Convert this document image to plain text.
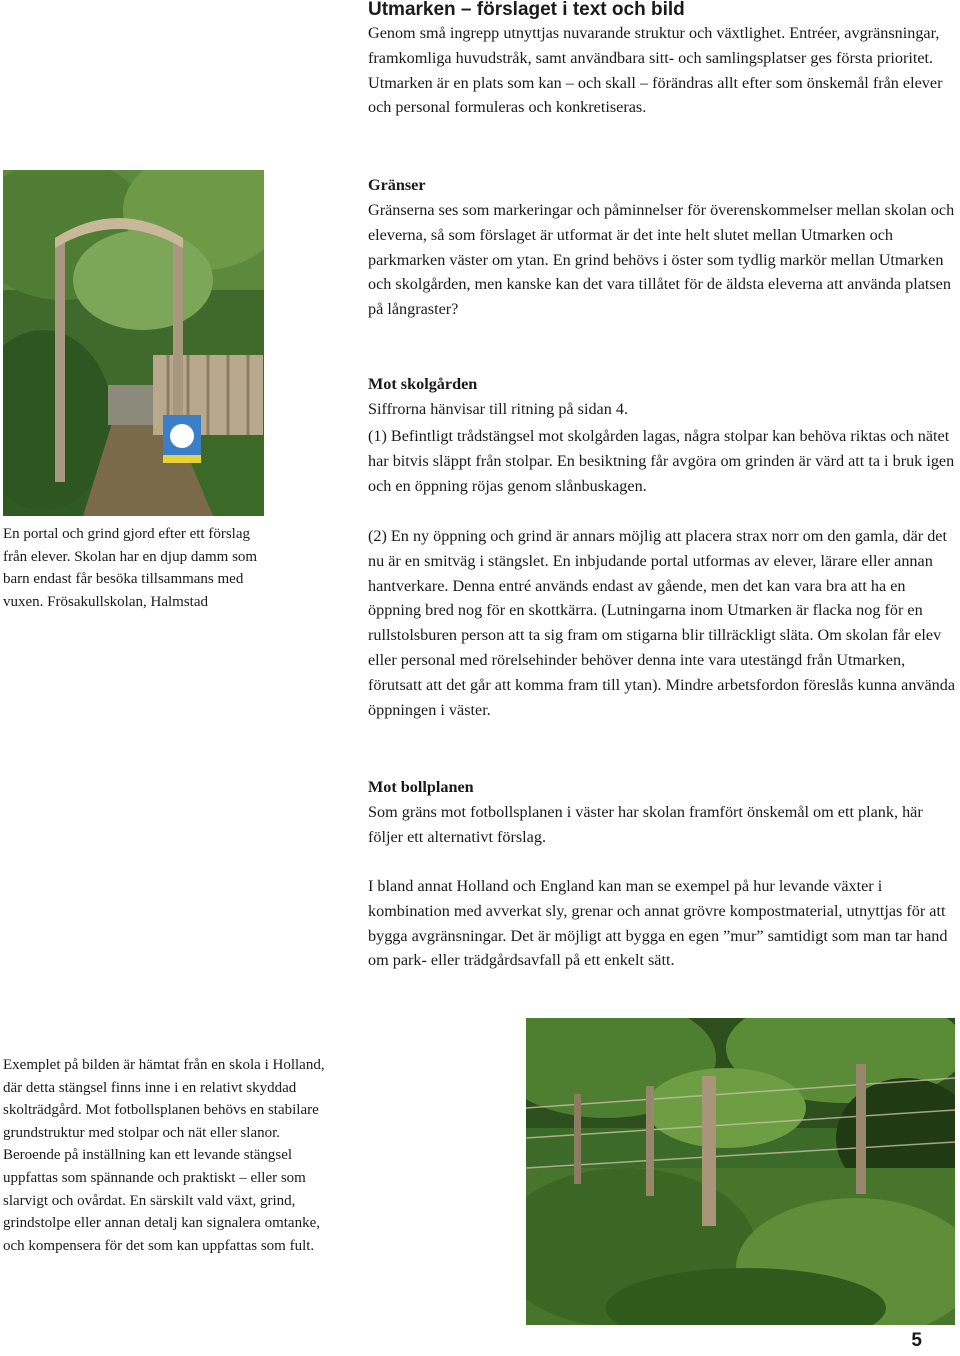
Utmarken – förslaget i text och bild

Genom små ingrepp utnyttjas nuvarande struktur och växtlighet. Entréer, avgränsningar, framkomliga huvudstråk, samt användbara sitt- och samlingsplatser ges första prioritet. Utmarken är en plats som kan – och skall – förändras allt efter som önskemål från elever och personal formuleras och konkretiseras.

En portal och grind gjord efter ett förslag från elever. Skolan har en djup damm som barn endast får besöka tillsammans med vuxen. Frösakullskolan, Halmstad

Gränser

Gränserna ses som markeringar och påminnelser för överenskommelser mellan skolan och eleverna, så som förslaget är utformat är det inte helt slutet mellan Utmarken och parkmarken väster om ytan. En grind behövs i öster som tydlig markör mellan Utmarken och skolgården, men kanske kan det vara tillåtet för de äldsta eleverna att använda platsen på långraster?

Mot skolgården

Siffrorna hänvisar till ritning på sidan 4.

(1) Befintligt trådstängsel mot skolgården lagas, några stolpar kan behöva riktas och nätet har bitvis släppt från stolpar. En besiktning får avgöra om grinden är värd att ta i bruk igen och en öppning röjas genom slånbuskagen.

(2) En ny öppning och grind är annars möjlig att placera strax norr om den gamla, där det nu är en smitväg i stängslet. En inbjudande portal utformas av elever, lärare eller annan hantverkare. Denna entré används endast av gående, men det kan vara bra att ha en öppning bred nog för en skottkärra. (Lutningarna inom Utmarken är flacka nog för en rullstolsburen person att ta sig fram om stigarna blir tillräckligt släta. Om skolan får elev eller personal med rörelsehinder behöver denna inte vara utestängd från Utmarken, förutsatt att det går att komma fram till ytan). Mindre arbetsfordon föreslås kunna använda öppningen i väster.

Mot bollplanen

Som gräns mot fotbollsplanen i väster har skolan framfört önskemål om ett plank, här följer ett alternativt förslag.

I bland annat Holland och England kan man se exempel på hur levande växter i kombination med avverkat sly, grenar och annat grövre kompostmaterial, utnyttjas för att bygga avgränsningar. Det är möjligt att bygga en egen ”mur” samtidigt som man tar hand om park- eller trädgårdsavfall på ett enkelt sätt.

Exemplet på bilden är hämtat från en skola i Holland, där detta stängsel finns inne i en relativt skyddad skolträdgård. Mot fotbollsplanen behövs en stabilare grundstruktur med stolpar och nät eller slanor. Beroende på inställning kan ett levande stängsel uppfattas som spännande och praktiskt – eller som slarvigt och ovårdat. En särskilt vald växt, grind, grindstolpe eller annan detalj kan signalera omtanke, och kompensera för det som kan uppfattas som fult.

5
